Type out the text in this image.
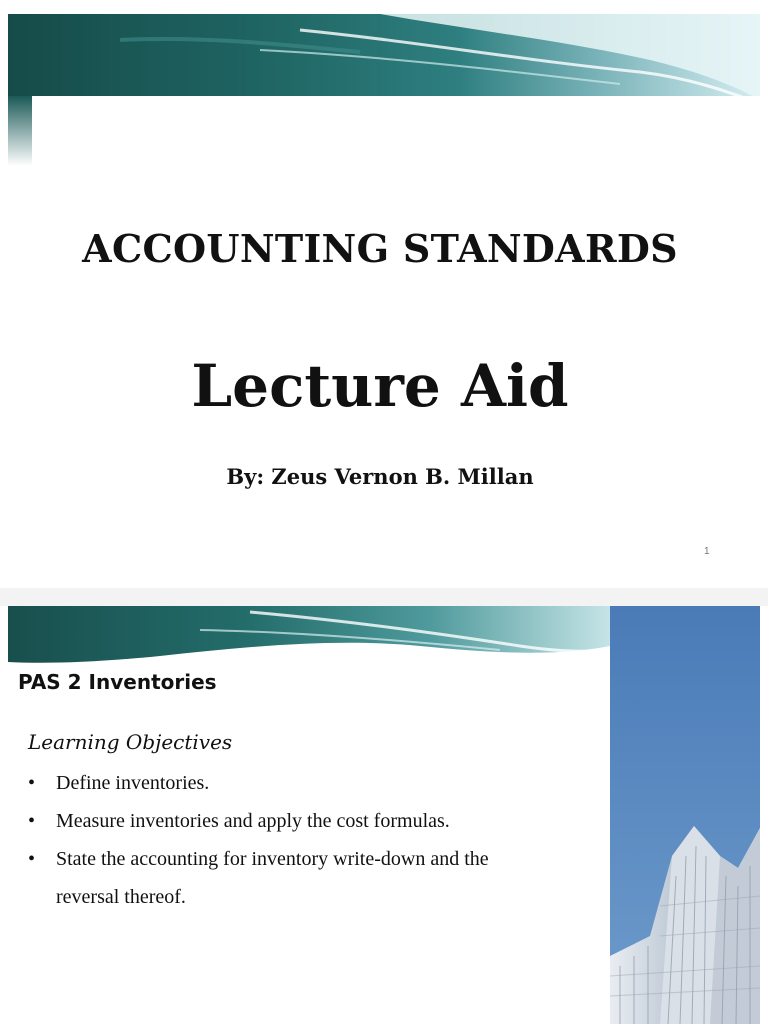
ACCOUNTING STANDARDS
Lecture Aid
By: Zeus Vernon B. Millan
1
PAS 2 Inventories
Learning Objectives
• Define inventories.
• Measure inventories and apply the cost formulas.
• State the accounting for inventory write-down and the reversal thereof.
